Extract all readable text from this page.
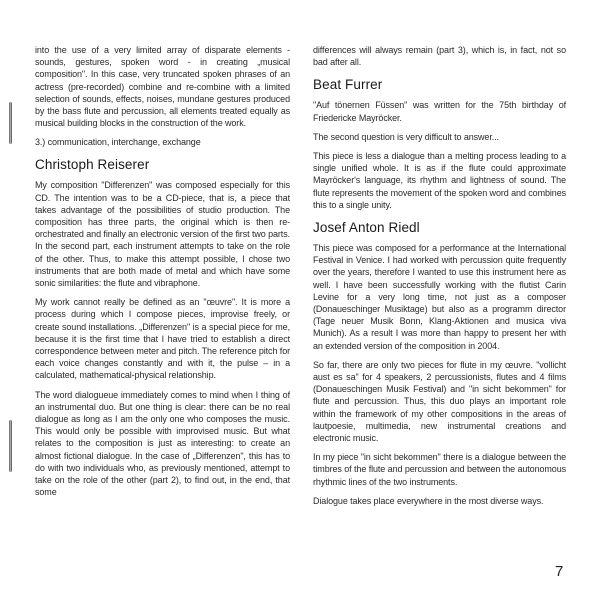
into the use of a very limited array of disparate elements - sounds, gestures, spoken word - in creating „musical composition". In this case, very truncated spoken phrases of an actress (pre-recorded) combine and re-combine with a limited selection of sounds, effects, noises, mundane gestures produced by the bass flute and percussion, all elements treated equally as musical building blocks in the construction of the work.

3.) communication, interchange, exchange

Christoph Reiserer

My composition "Differenzen" was composed especially for this CD. The intention was to be a CD-piece, that is, a piece that takes advantage of the possibilities of studio production. The composition has three parts, the original which is then re-orchestrated and finally an electronic version of the first two parts. In the second part, each instrument attempts to take on the role of the other. Thus, to make this attempt possible, I chose two instruments that are both made of metal and which have some sonic similarities: the flute and vibraphone.

My work cannot really be defined as an "œuvre". It is more a process during which I compose pieces, improvise freely, or create sound installations. „Differenzen" is a special piece for me, because it is the first time that I have tried to establish a direct correspondence between meter and pitch. The reference pitch for each voice changes constantly and with it, the pulse – in a calculated, mathematical-physical relationship.

The word dialogueue immediately comes to mind when I thing of an instrumental duo. But one thing is clear: there can be no real dialogue as long as I am the only one who composes the music. This would only be possible with improvised music. But what relates to the composition is just as interesting: to create an almost fictional dialogue. In the case of „Differenzen", this has to do with two individuals who, as previously mentioned, attempt to take on the role of the other (part 2), to find out, in the end, that some

differences will always remain (part 3), which is, in fact, not so bad after all.

Beat Furrer

"Auf tönernen Füssen" was written for the 75th birthday of Friedericke Mayröcker.

The second question is very difficult to answer...

This piece is less a dialogue than a melting process leading to a single unified whole. It is as if the flute could approximate Mayröcker's language, its rhythm and lightness of sound. The flute represents the movement of the spoken word and combines this to a single unity.

Josef Anton Riedl

This piece was composed for a performance at the International Festival in Venice. I had worked with percussion quite frequently over the years, therefore I wanted to use this instrument here as well. I have been successfully working with the flutist Carin Levine for a very long time, not just as a composer (Donaueschinger Musiktage) but also as a programm director (Tage neuer Musik Bonn, Klang-Aktionen and musica viva Munich). As a result I was more than happy to present her with an extended version of the composition in 2004.

So far, there are only two pieces for flute in my œuvre. "vollicht aust es sa" for 4 speakers, 2 percussionists, flutes and 4 films (Donaueschingen Musik Festival) and "in sicht bekommen" for flute and percussion. Thus, this duo plays an important role within the framework of my other compositions in the areas of lautpoesie, multimedia, new instrumental creations and electronic music.

In my piece "in sicht bekommen" there is a dialogue between the timbres of the flute and percussion and between the autonomous rhythmic lines of the two instruments.

Dialogue takes place everywhere in the most diverse ways.

7
